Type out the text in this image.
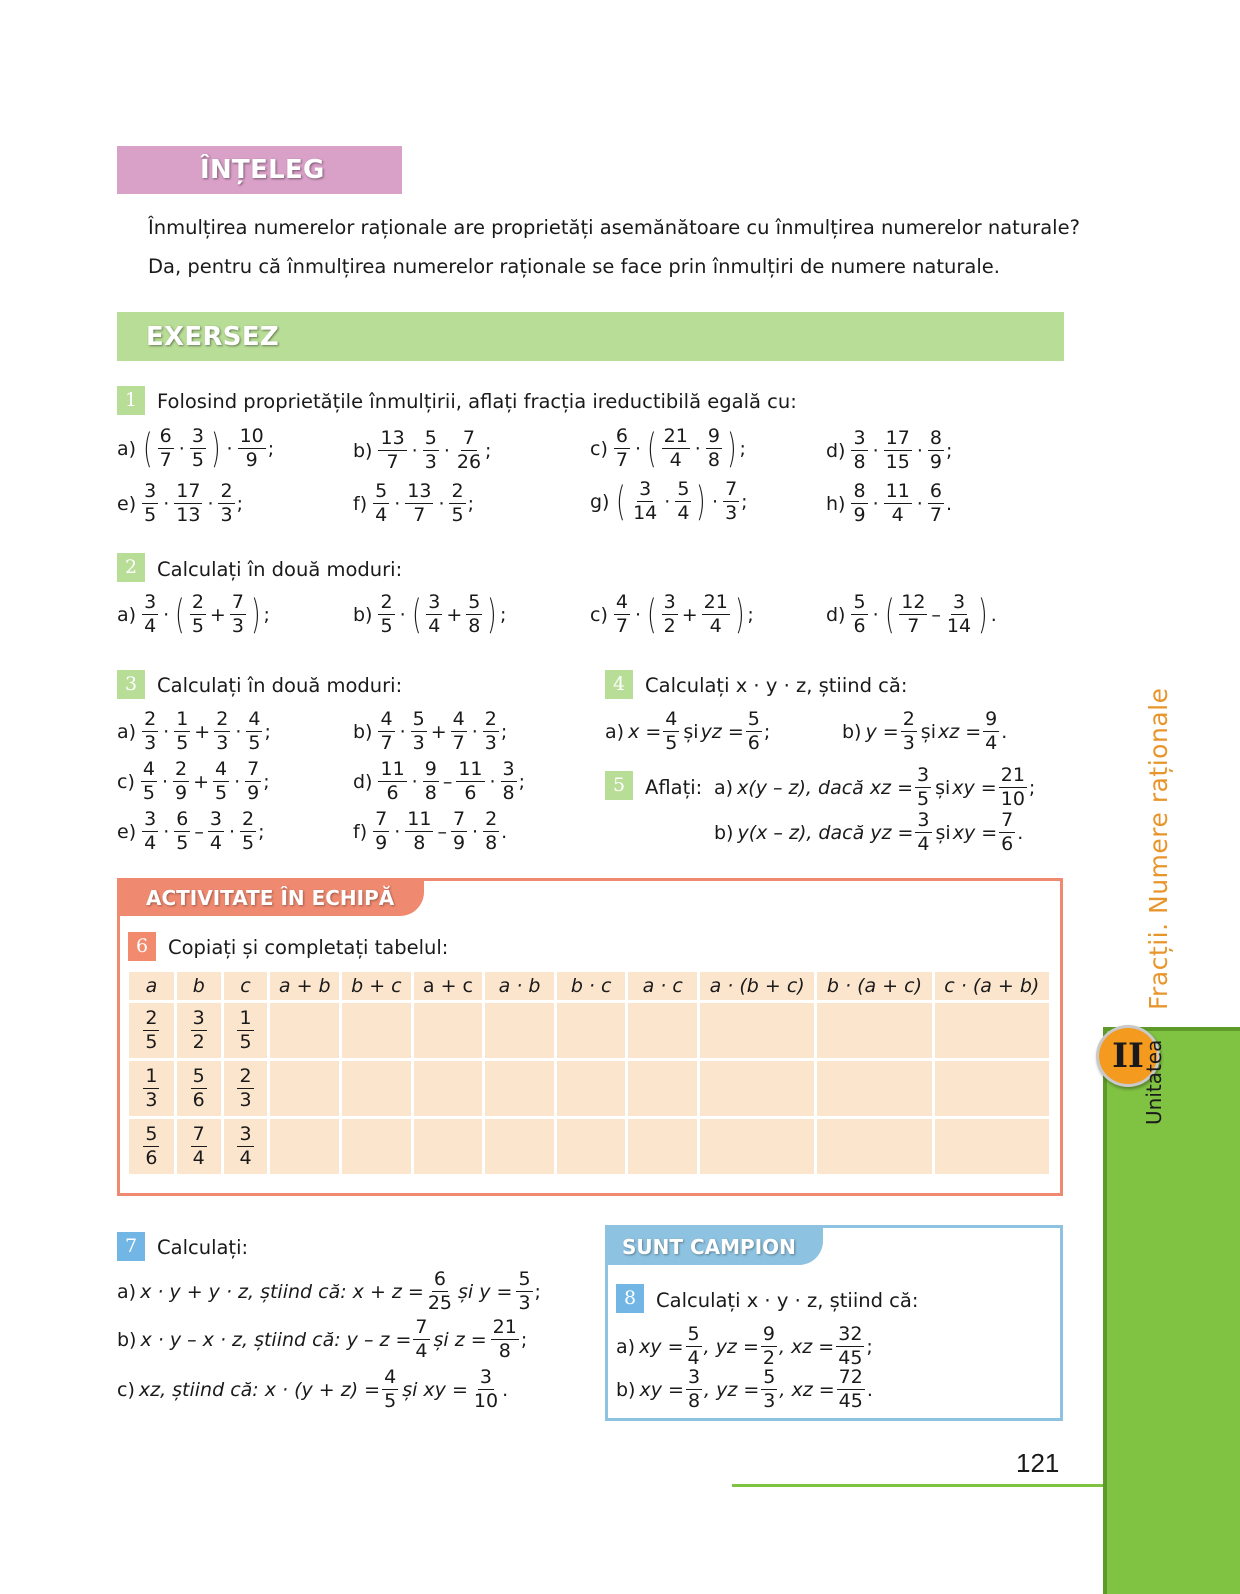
ÎNȚELEG
Înmulțirea numerelor raționale are proprietăți asemănătoare cu înmulțirea numerelor naturale?
Da, pentru că înmulțirea numerelor raționale se face prin înmulțiri de numere naturale.
EXERSEZ
1	Folosind proprietățile înmulțirii, aflați fracția ireductibilă egală cu:
a) ( $\frac{6}{7} \cdot \frac{3}{5}$ ) · $\frac{10}{9}$ ;	$b) \frac{13}{7} \cdot \frac{5}{3} \cdot \frac{7}{26}$ ;	$c) \frac{6}{7}$ · ( $\frac{21}{4} \cdot \frac{9}{8}$ ) ;	$d) \frac{3}{8} \cdot \frac{17}{15} \cdot \frac{8}{9}$ ;
$e) \frac{3}{5} \cdot \frac{17}{13} \cdot \frac{2}{3}$ ;	$f) \frac{5}{4} \cdot \frac{13}{7} \cdot \frac{2}{5}$ ;	g) ( $\frac{3}{14} \cdot \frac{5}{4}$ ) · $\frac{7}{3}$ ;	$h) \frac{8}{9} \cdot \frac{11}{4} \cdot \frac{6}{7}$ .
2	Calculați în două moduri:
$a) \frac{3}{4}$ · ( $\frac{2}{5} + \frac{7}{3}$ ) ;	$b) \frac{2}{5}$ · ( $\frac{3}{4} + \frac{5}{8}$ ) ;	$c) \frac{4}{7}$ · ( $\frac{3}{2} + \frac{21}{4}$ ) ;	$d) \frac{5}{6}$ · ( $\frac{12}{7} - \frac{3}{14}$ ) .
3	Calculați în două moduri:
$a) \frac{2}{3} \cdot \frac{1}{5} + \frac{2}{3} \cdot \frac{4}{5}$ ;	$b) \frac{4}{7} \cdot \frac{5}{3} + \frac{4}{7} \cdot \frac{2}{3}$ ;
$c) \frac{4}{5} \cdot \frac{2}{9} + \frac{4}{5} \cdot \frac{7}{9}$ ;	$d) \frac{11}{6} \cdot \frac{9}{8} - \frac{11}{6} \cdot \frac{3}{8}$ ;
$e) \frac{3}{4} \cdot \frac{6}{5} - \frac{3}{4} \cdot \frac{2}{5}$ ;	$f) \frac{7}{9} \cdot \frac{11}{8} - \frac{7}{9} \cdot \frac{2}{8}$ .
4	Calculați x · y · z, știind că:
a) $x = \frac{4}{5}$ și yz = $\frac{5}{6}$ ;	b) $y = \frac{2}{3}$ și xz = $\frac{9}{4}$ .
5	Aflați: a) x(y – z), dacă xz = $\frac{3}{5}$ și xy = $\frac{21}{10}$ ;
b) y(x – z), dacă yz = $\frac{3}{4}$ și xy = $\frac{7}{6}$ .
ACTIVITATE ÎN ECHIPĂ
6	Copiați și completați tabelul:
a	b	c	a + b	b + c	a + c	a · b	b · c	a · c	a · (b + c)	b · (a + c)	c · (a + b)

$\frac{2}{5}$	$\frac{3}{2}$	$\frac{1}{5}$

$\frac{1}{3}$	$\frac{5}{6}$	$\frac{2}{3}$

$\frac{5}{6}$	$\frac{7}{4}$	$\frac{3}{4}$

7	Calculați:
a) x · y + y · z, știind că: $x + z = \frac{6}{25}$ și $y = \frac{5}{3}$ ;
b) x · y – x · z, știind că: $y - z = \frac{7}{4}$ și $z = \frac{21}{8}$ ;
c) xz, știind că: $x \cdot (y + z) = \frac{4}{5}$ și xy = $\frac{3}{10}$ .
SUNT CAMPION
8	Calculați x · y · z, știind că:
a) xy = $\frac{5}{4}$ , yz = $\frac{9}{2}$ , xz = $\frac{32}{45}$ ;
b) xy = $\frac{3}{8}$ , yz = $\frac{5}{3}$ , xz = $\frac{72}{45}$ .
121
II
Unitatea
Fracții. Numere raționale
